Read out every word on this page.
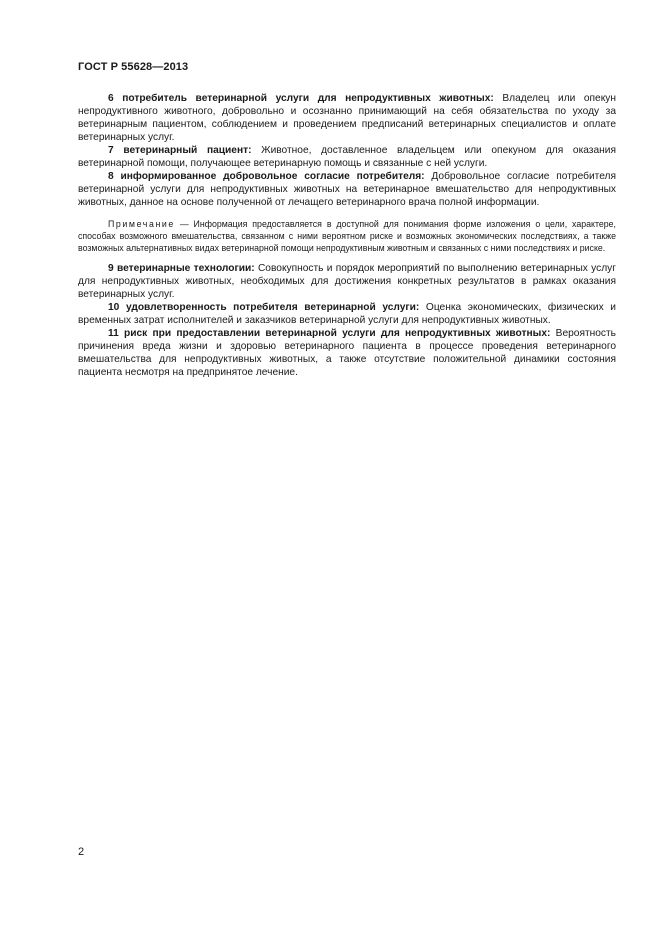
ГОСТ Р 55628—2013

6 потребитель ветеринарной услуги для непродуктивных животных: Владелец или опекун непродуктивного животного, добровольно и осознанно принимающий на себя обязательства по уходу за ветеринарным пациентом, соблюдением и проведением предписаний ветеринарных специалистов и оплате ветеринарных услуг.

7 ветеринарный пациент: Животное, доставленное владельцем или опекуном для оказания ветеринарной помощи, получающее ветеринарную помощь и связанные с ней услуги.

8 информированное добровольное согласие потребителя: Добровольное согласие потребителя ветеринарной услуги для непродуктивных животных на ветеринарное вмешательство для непродуктивных животных, данное на основе полученной от лечащего ветеринарного врача полной информации.

Примечание — Информация предоставляется в доступной для понимания форме изложения о цели, характере, способах возможного вмешательства, связанном с ними вероятном риске и возможных экономических последствиях, а также возможных альтернативных видах ветеринарной помощи непродуктивным животным и связанных с ними последствиях и риске.

9 ветеринарные технологии: Совокупность и порядок мероприятий по выполнению ветеринарных услуг для непродуктивных животных, необходимых для достижения конкретных результатов в рамках оказания ветеринарных услуг.

10 удовлетворенность потребителя ветеринарной услуги: Оценка экономических, физических и временных затрат исполнителей и заказчиков ветеринарной услуги для непродуктивных животных.

11 риск при предоставлении ветеринарной услуги для непродуктивных животных: Вероятность причинения вреда жизни и здоровью ветеринарного пациента в процессе проведения ветеринарного вмешательства для непродуктивных животных, а также отсутствие положительной динамики состояния пациента несмотря на предпринятое лечение.

2
